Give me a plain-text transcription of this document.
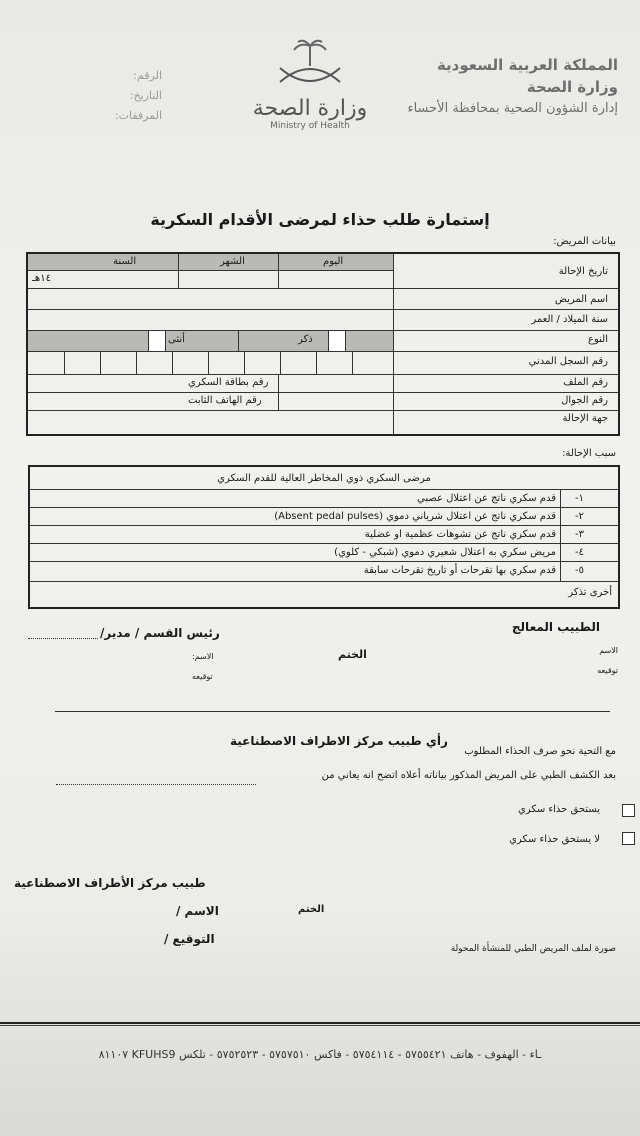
المملكة العربية السعودية
وزارة الصحة
إدارة الشؤون الصحية بمحافظة الأحساء
وزارة الصحة
Ministry of Health
الرقم:
التاريخ:
المرفقات:
إستمارة طلب حذاء لمرضى الأقدام السكرية
بيانات المريض:
السنة	الشهر	اليوم
١٤هـ
تاريخ الإحالة
اسم المريض
سنة الميلاد / العمر
النوع
رقم السجل المدني
رقم الملف
رقم الجوال
جهة الإحالة
ذكر
أنثى
رقم بطاقة السكري
رقم الهاتف الثابت
سبب الإحالة:
مرضى السكري ذوي المخاطر العالية للقدم السكري
-١
قدم سكري ناتج عن اعتلال عصبي
-٢
قدم سكري ناتج عن اعتلال شرياني دموي (Absent pedal pulses)
-٣
قدم سكري ناتج عن تشوهات عظمية او عضلية
-٤
مريض سكري به اعتلال شعيري دموي (شبكي - كلوي)
-٥
قدم سكري بها تقرحات أو تاريخ تقرحات سابقة
أخرى تذكر
الطبيب المعالج
الاسم
توقيعه
الختم
رئيس القسم / مدير/
الاسم:
توقيعه
رأي طبيب مركز الاطراف الاصطناعية
مع التحية نحو صرف الحذاء المطلوب
بعد الكشف الطبي على المريض المذكور بياناته أعلاه اتضح انه يعاني من
يستحق حذاء سكري
لا يستحق حذاء سكري
طبيب مركز الأطراف الاصطناعية
الاسم /
التوقيع /
الختم
صورة لملف المريض الطبي للمنشأة المحولة
ـاء - الهفوف - هاتف ٥٧٥٥٤٢١ - ٥٧٥٤١١٤ - فاكس ٥٧٥٧٥١٠ - ٥٧٥٢٥٢٣ - تلكس KFUHS9 ٨١١٠٧
